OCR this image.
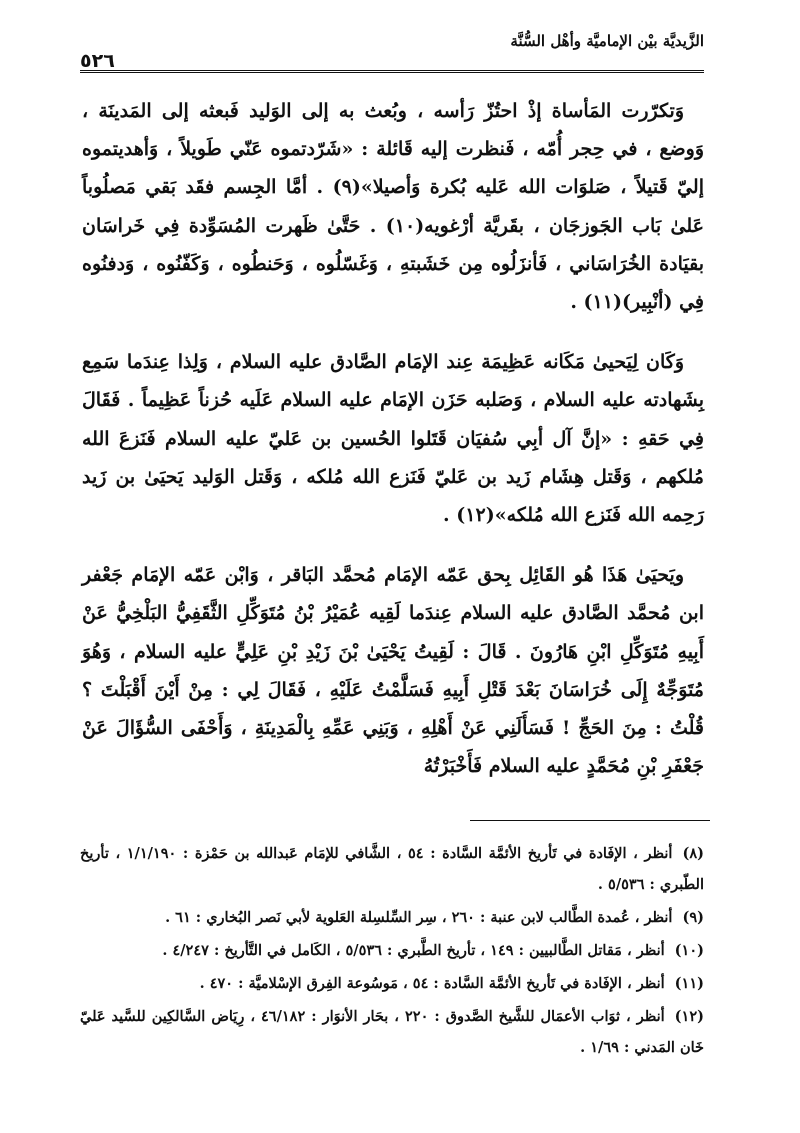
الزَّيديَّة بيْن الإماميَّة وأهْل السُّنَّة
٥٢٦

وَتكرّرت المَأساة إذْ احتُزّ رَأسه ، وبُعث به إلى الوَليد فَبعثه إلى المَدينَة ، وَوضع ، في حِجر أُمّه ، فَنظرت إليه قَائلة : «شَرّدتموه عَنّي طَويلاً ، وَأهديتموه إليّ قَتيلاً ، صَلوَات الله عَليه بُكرة وَأصيلا»(٩) . أمَّا الجِسم فقَد بَقي مَصلُوباً عَلىٰ بَاب الجَوزجَان ، بقَريَّة أرْغويه(١٠) . حَتَّىٰ ظَهرت المُسَوِّدة فِي خَراسَان بقيَادة الخُرَاسَاني ، فَأنزَلُوه مِن خَشَبتهِ ، وَغَسّلُوه ، وَحَنطُوه ، وَكَفّنُوه ، وَدفنُوه فِي (أنْبِير)(١١) .

وَكَان لِيَحيىٰ مَكَانه عَظِيمَة عِند الإمَام الصَّادق عليه السلام ، وَلِذا عِندَما سَمِع بِشَهادته عليه السلام ، وَصَلبه حَزَن الإمَام عليه السلام عَلَيه حُزناً عَظِيماً . فَقَالَ فِي حَقهِ : «إنَّ آل أبِي سُفيَان قَتَلوا الحُسين بن عَليّ عليه السلام فَنَزعَ الله مُلكهم ، وَقَتل هِشَام زَيد بن عَليّ فَنَزع الله مُلكه ، وَقَتل الوَليد يَحيَىٰ بن زَيد رَحِمه الله فَنَزع الله مُلكه»(١٢) .

ويَحيَىٰ هَذَا هُو القَائِل بِحق عَمّه الإمَام مُحمَّد البَاقر ، وَابْن عَمّه الإمَام جَعْفر ابن مُحمَّد الصَّادق عليه السلام عِندَما لَقِيه عُمَيْرُ بْنُ مُتَوَكِّلِ الثَّقَفِيُّ البَلْخِيُّ عَنْ أَبِيهِ مُتَوَكِّلِ ابْنِ هَارُونَ . قَالَ : لَقِيتُ يَحْيَىٰ بْنَ زَيْدِ بْنِ عَلِيٍّ عليه السلام ، وَهُوَ مُتَوَجِّهٌ إِلَى خُرَاسَانَ بَعْدَ قَتْلِ أَبِيهِ فَسَلَّمْتُ عَلَيْهِ ، فَقَالَ لِي : مِنْ أَيْنَ أَقْبَلْتَ ؟ قُلْتُ : مِنَ الحَجِّ ! فَسَأَلَنِي عَنْ أَهْلِهِ ، وَبَنِي عَمِّهِ بِالْمَدِينَةِ ، وَأَحْفَى السُّؤَالَ عَنْ جَعْفَرِ بْنِ مُحَمَّدٍ عليه السلام فَأَخْبَرْتُهُ

(٨)أنظر ، الإفَادة في تَأريخ الأئمَّة السَّادة : ٥٤ ، الشَّافي للإمَام عَبدالله بن حَمْزة : ١/١/١٩٠ ، تأريخ الطّبري : ٥/٥٣٦ .

(٩)أنظر ، عُمدة الطَّالب لابن عنبة : ٢٦٠ ، سِر السِّلسِلة العَلوية لأبي نَصر البُخاري : ٦١ .

(١٠)أنظر ، مَقاتل الطَّالبيين : ١٤٩ ، تأريخ الطَّبري : ٥/٥٣٦ ، الكَامل في التَّأريخ : ٤/٢٤٧ .

(١١)أنظر ، الإفَادة في تَأريخ الأئمَّة السَّادة : ٥٤ ، مَوسُوعة الفِرق الإسْلاميَّة : ٤٧٠ .

(١٢)أنظر ، ثوَاب الأعمَال للشَّيخ الصَّدوق : ٢٢٠ ، بحَار الأنوَار : ٤٦/١٨٢ ، رِيَاض السَّالكِين للسَّيد عَليّ خَان المَدني : ١/٦٩ .
